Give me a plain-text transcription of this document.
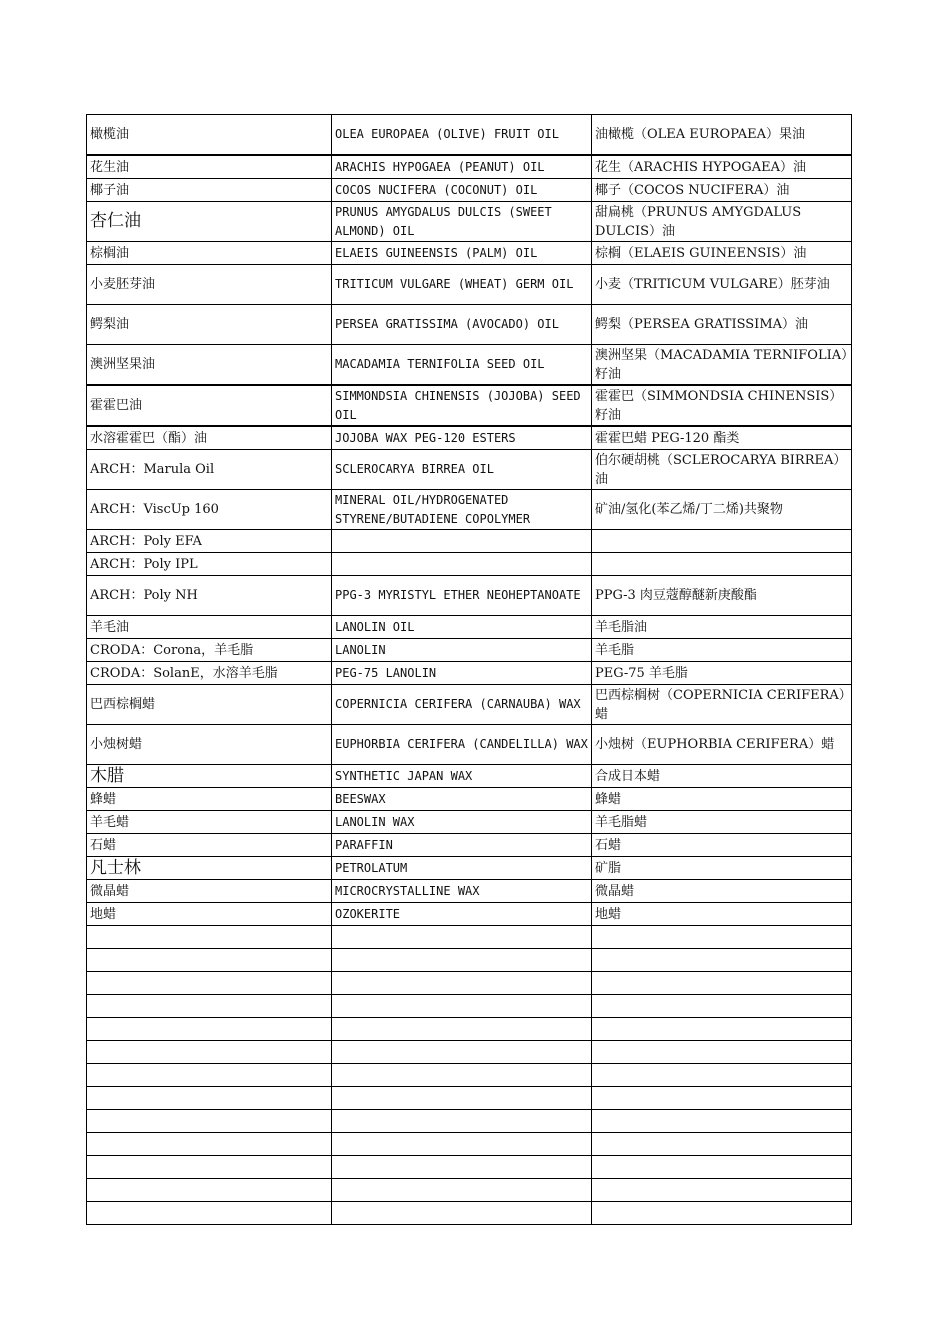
橄榄油	OLEA EUROPAEA (OLIVE) FRUIT OIL	油橄榄（OLEA EUROPAEA）果油
花生油	ARACHIS HYPOGAEA (PEANUT) OIL	花生（ARACHIS HYPOGAEA）油
椰子油	COCOS NUCIFERA (COCONUT) OIL	椰子（COCOS NUCIFERA）油
杏仁油	PRUNUS AMYGDALUS DULCIS (SWEET ALMOND) OIL	甜扁桃（PRUNUS AMYGDALUS DULCIS）油
棕榈油	ELAEIS GUINEENSIS (PALM) OIL	棕榈（ELAEIS GUINEENSIS）油
小麦胚芽油	TRITICUM VULGARE (WHEAT) GERM OIL	小麦（TRITICUM VULGARE）胚芽油
鳄梨油	PERSEA GRATISSIMA (AVOCADO) OIL	鳄梨（PERSEA GRATISSIMA）油
澳洲坚果油	MACADAMIA TERNIFOLIA SEED OIL	澳洲坚果（MACADAMIA TERNIFOLIA）籽油
霍霍巴油	SIMMONDSIA CHINENSIS (JOJOBA) SEED OIL	霍霍巴（SIMMONDSIA CHINENSIS）籽油
水溶霍霍巴（酯）油	JOJOBA WAX PEG-120 ESTERS	霍霍巴蜡 PEG-120 酯类
ARCH：Marula Oil	SCLEROCARYA BIRREA OIL	伯尔硬胡桃（SCLEROCARYA BIRREA）油
ARCH：ViscUp 160	MINERAL OIL/HYDROGENATED STYRENE/BUTADIENE COPOLYMER	矿油/氢化(苯乙烯/丁二烯)共聚物
ARCH：Poly EFA		
ARCH：Poly IPL		
ARCH：Poly NH	PPG-3 MYRISTYL ETHER NEOHEPTANOATE	PPG-3 肉豆蔻醇醚新庚酸酯
羊毛油	LANOLIN OIL	羊毛脂油
CRODA：Corona，羊毛脂	LANOLIN	羊毛脂
CRODA：SolanE，水溶羊毛脂	PEG-75 LANOLIN	PEG-75 羊毛脂
巴西棕榈蜡	COPERNICIA CERIFERA (CARNAUBA) WAX	巴西棕榈树（COPERNICIA CERIFERA）蜡
小烛树蜡	EUPHORBIA CERIFERA (CANDELILLA) WAX	小烛树（EUPHORBIA CERIFERA）蜡
木腊	SYNTHETIC JAPAN WAX	合成日本蜡
蜂蜡	BEESWAX	蜂蜡
羊毛蜡	LANOLIN WAX	羊毛脂蜡
石蜡	PARAFFIN	石蜡
凡士林	PETROLATUM	矿脂
微晶蜡	MICROCRYSTALLINE WAX	微晶蜡
地蜡	OZOKERITE	地蜡
